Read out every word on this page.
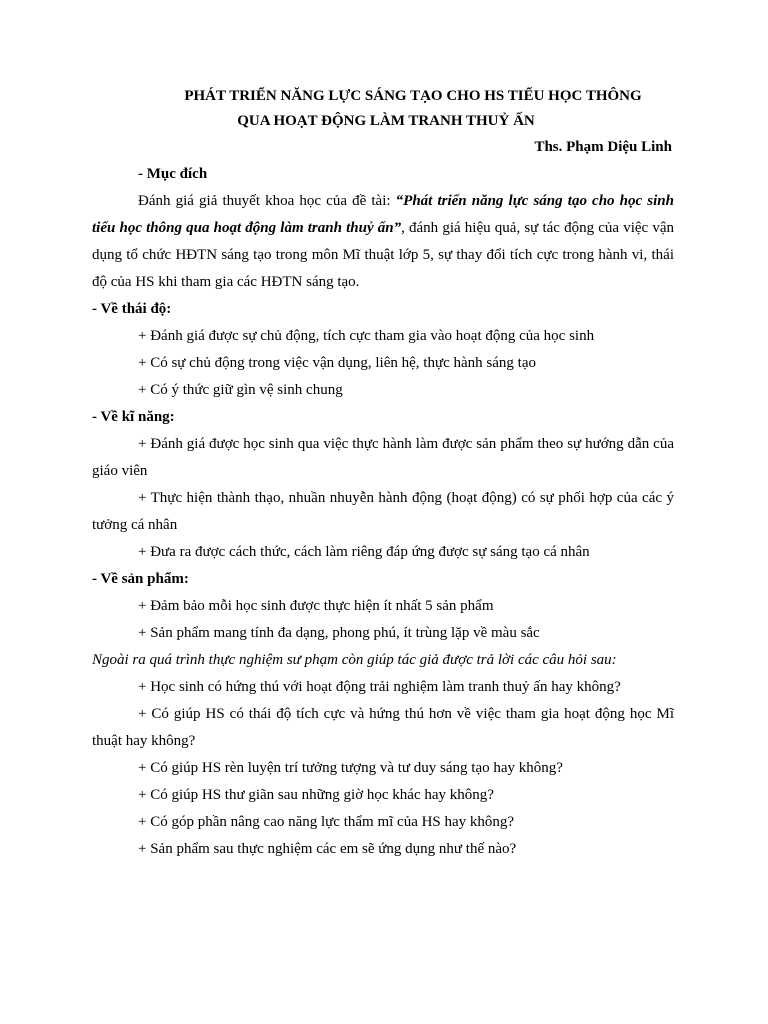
PHÁT TRIỂN NĂNG LỰC SÁNG TẠO CHO HS TIỂU HỌC THÔNG
QUA HOẠT ĐỘNG LÀM TRANH THUỶ ẤN

Ths. Phạm Diệu Linh

- Mục đích

Đánh giá giả thuyết khoa học của đề tài: “Phát triển năng lực sáng tạo cho học sinh tiểu học thông qua hoạt động làm tranh thuỷ ấn”, đánh giá hiệu quả, sự tác động của việc vận dụng tổ chức HĐTN sáng tạo trong môn Mĩ thuật lớp 5, sự thay đổi tích cực trong hành vi, thái độ của HS khi tham gia các HĐTN sáng tạo.

- Về thái độ:

+ Đánh giá được sự chủ động, tích cực tham gia vào hoạt động của học sinh

+ Có sự chủ động trong việc vận dụng, liên hệ, thực hành sáng tạo

+ Có ý thức giữ gìn vệ sinh chung

- Về kĩ năng:

+ Đánh giá được học sinh qua việc thực hành làm được sản phẩm theo sự hướng dẫn của giáo viên

+ Thực hiện thành thạo, nhuần nhuyễn hành động (hoạt động) có sự phối hợp của các ý tưởng cá nhân

+ Đưa ra được cách thức, cách làm riêng đáp ứng được sự sáng tạo cá nhân

- Về sản phẩm:

+ Đảm bảo mỗi học sinh được thực hiện ít nhất 5 sản phẩm

+ Sản phẩm mang tính đa dạng, phong phú, ít trùng lặp về màu sắc

Ngoài ra quá trình thực nghiệm sư phạm còn giúp tác giả được trả lời các câu hỏi sau:

+ Học sinh có hứng thú với hoạt động trải nghiệm làm tranh thuỷ ấn hay không?

+ Có giúp HS có thái độ tích cực và hứng thú hơn về việc tham gia hoạt động học Mĩ thuật hay không?

+ Có giúp HS rèn luyện trí tưởng tượng và tư duy sáng tạo hay không?

+ Có giúp HS thư giãn sau những giờ học khác hay không?

+ Có góp phần nâng cao năng lực thẩm mĩ của HS hay không?

+ Sản phẩm sau thực nghiệm các em sẽ ứng dụng như thế nào?
